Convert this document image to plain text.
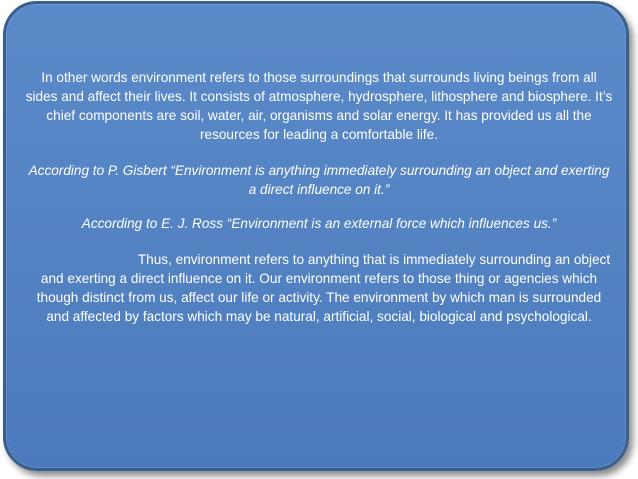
In other words environment refers to those surroundings that surrounds living beings from all sides and affect their lives. It consists of atmosphere, hydrosphere, lithosphere and biosphere. It’s chief components are soil, water, air, organisms and solar energy. It has provided us all the resources for leading a comfortable life.

According to P. Gisbert “Environment is anything immediately surrounding an object and exerting a direct influence on it.”

According to E. J. Ross “Environment is an external force which influences us.”

Thus, environment refers to anything that is immediately surrounding an object and exerting a direct influence on it. Our environment refers to those thing or agencies which though distinct from us, affect our life or activity. The environment by which man is surrounded and affected by factors which may be natural, artificial, social, biological and psychological.
